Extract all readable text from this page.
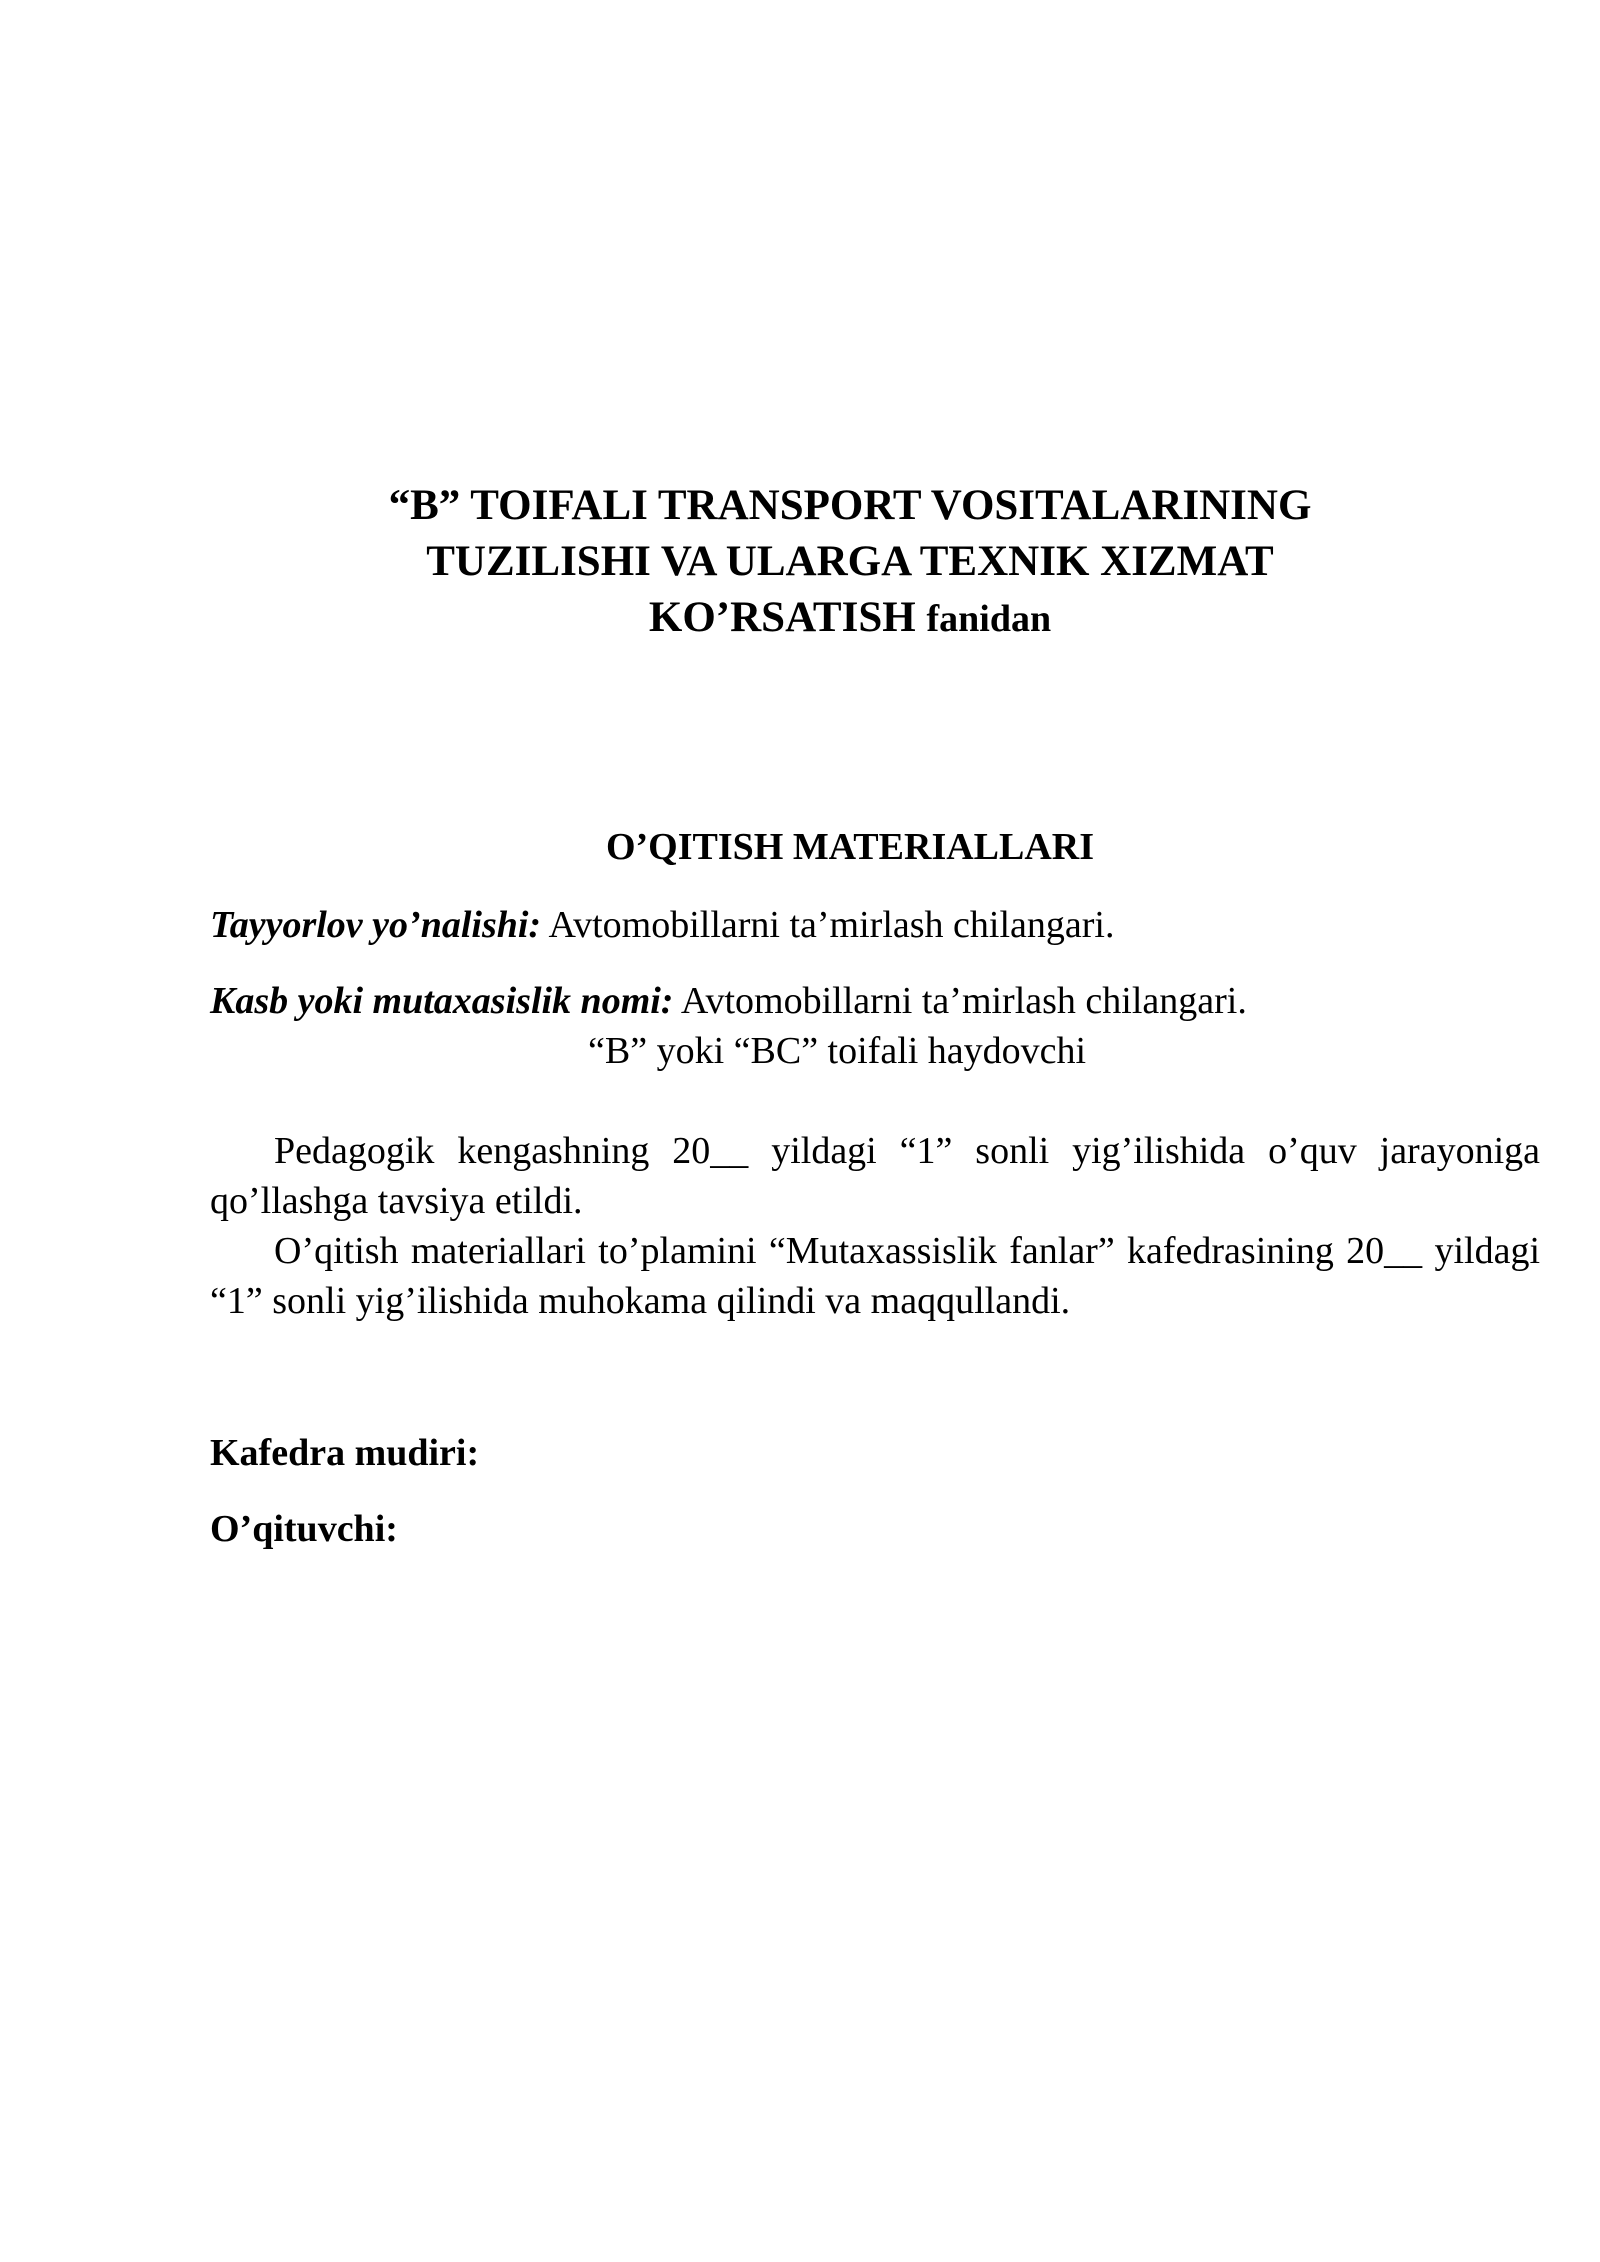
“B” TOIFALI TRANSPORT VOSITALARINING
TUZILISHI VA ULARGA TEXNIK XIZMAT
KO’RSATISH fanidan
O’QITISH MATERIALLARI
Tayyorlov yo’nalishi: Avtomobillarni ta’mirlash chilangari.
Kasb yoki mutaxasislik nomi: Avtomobillarni ta’mirlash chilangari.
“B” yoki “BC” toifali haydovchi
Pedagogik kengashning 20__ yildagi “1” sonli yig’ilishida o’quv jarayoniga qo’llashga tavsiya etildi.
O’qitish materiallari to’plamini “Mutaxassislik fanlar” kafedrasining 20__ yildagi “1” sonli yig’ilishida muhokama qilindi va maqqullandi.
Kafedra mudiri:
O’qituvchi:
